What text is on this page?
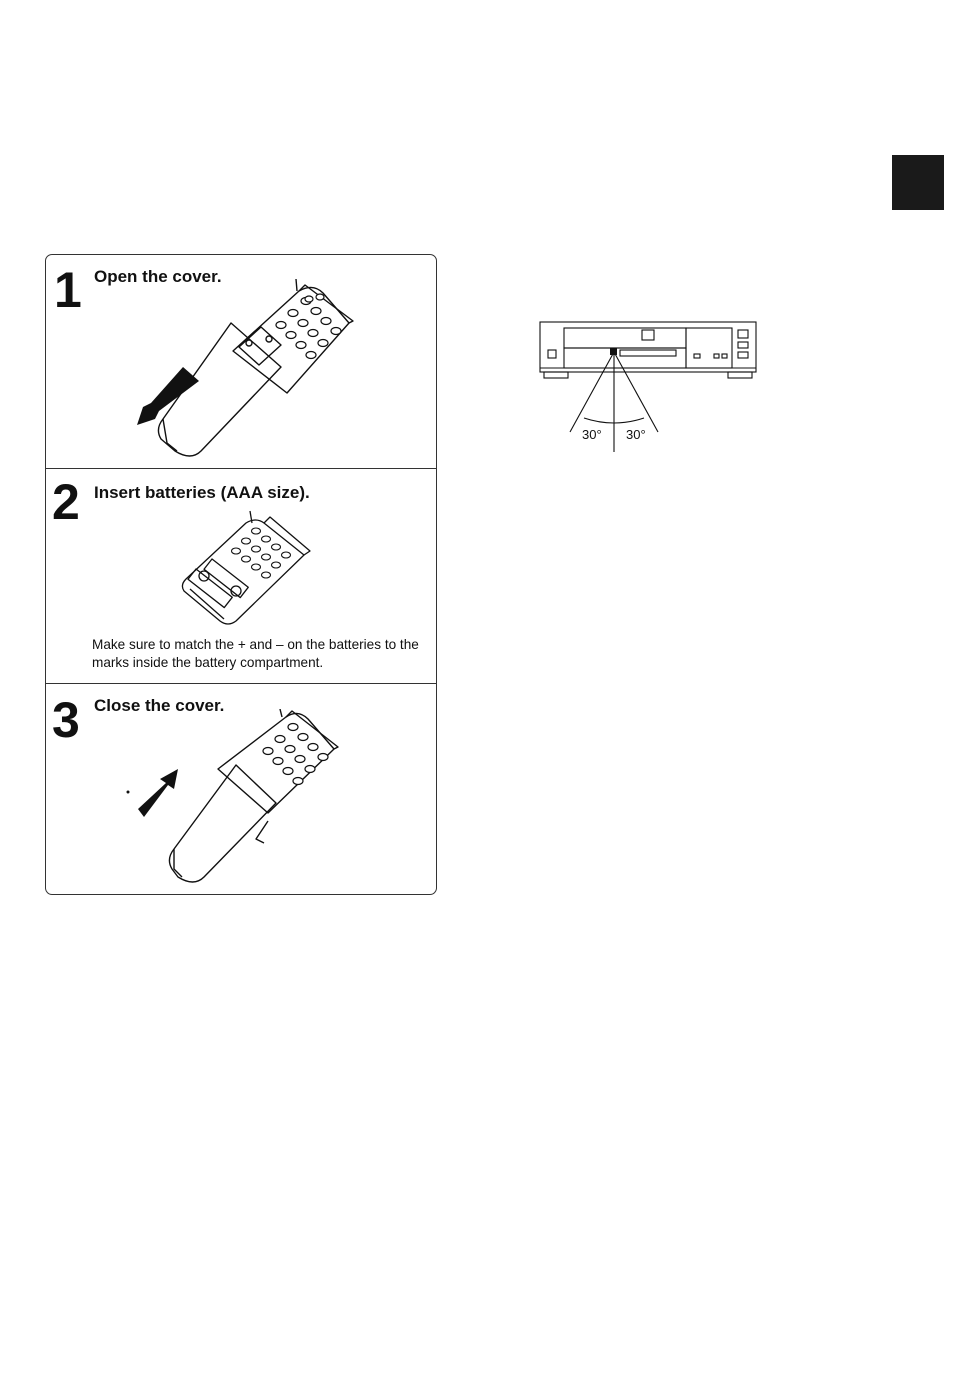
1 Open the cover.
2 Insert batteries (AAA size).
Make sure to match the + and – on the batteries to the marks inside the battery compartment.
3 Close the cover.
30° 30°
